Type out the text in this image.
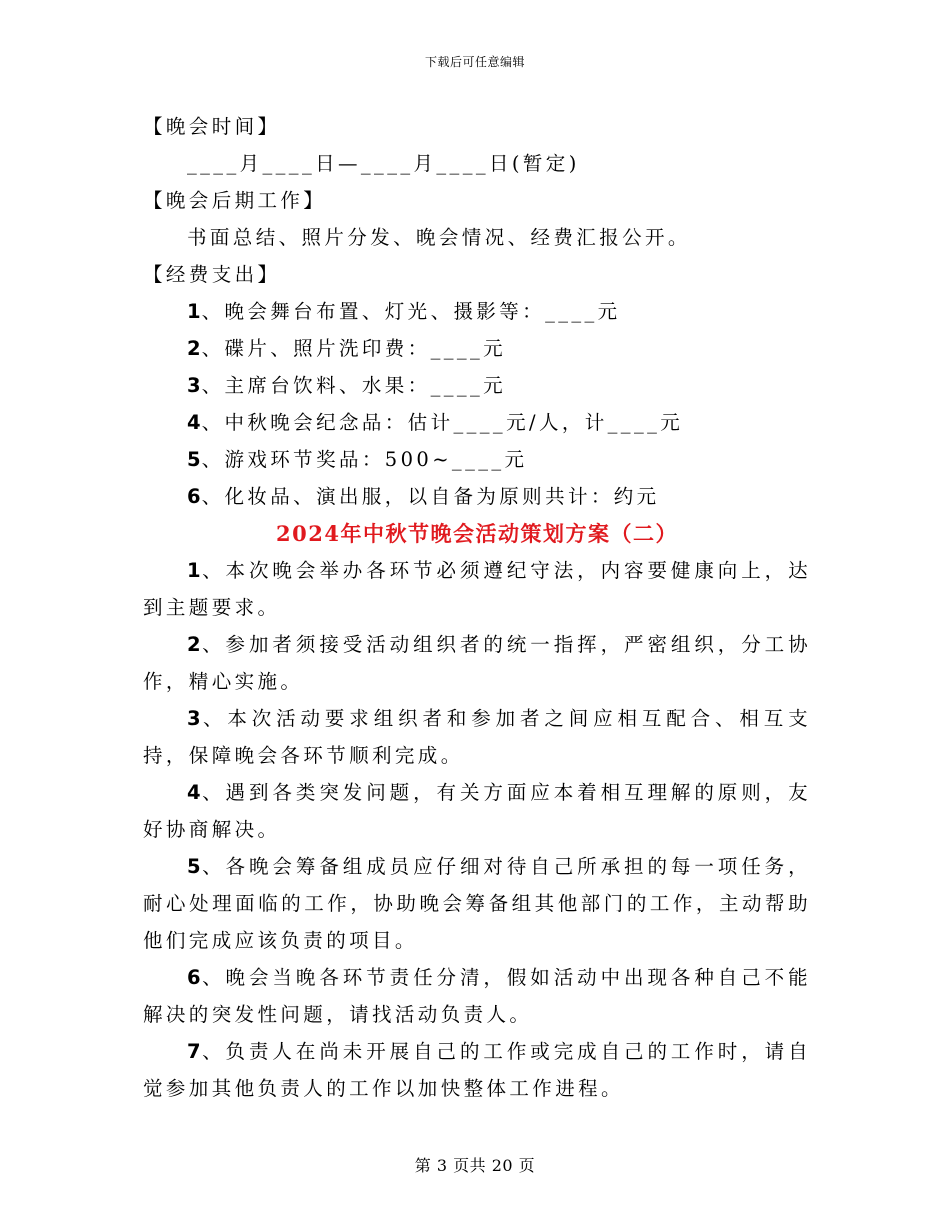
下载后可任意编辑
【晚会时间】
____月____日—____月____日(暂定)
【晚会后期工作】
书面总结、照片分发、晚会情况、经费汇报公开。
【经费支出】
1、晚会舞台布置、灯光、摄影等：____元
2、碟片、照片洗印费：____元
3、主席台饮料、水果：____元
4、中秋晚会纪念品：估计____元/人，计____元
5、游戏环节奖品：500~____元
6、化妆品、演出服，以自备为原则共计：约元
2024年中秋节晚会活动策划方案（二）
1、本次晚会举办各环节必须遵纪守法，内容要健康向上，达到主题要求。
2、参加者须接受活动组织者的统一指挥，严密组织，分工协作，精心实施。
3、本次活动要求组织者和参加者之间应相互配合、相互支持，保障晚会各环节顺利完成。
4、遇到各类突发问题，有关方面应本着相互理解的原则，友好协商解决。
5、各晚会筹备组成员应仔细对待自己所承担的每一项任务，耐心处理面临的工作，协助晚会筹备组其他部门的工作，主动帮助他们完成应该负责的项目。
6、晚会当晚各环节责任分清，假如活动中出现各种自己不能解决的突发性问题，请找活动负责人。
7、负责人在尚未开展自己的工作或完成自己的工作时，请自觉参加其他负责人的工作以加快整体工作进程。
第 3 页共 20 页
